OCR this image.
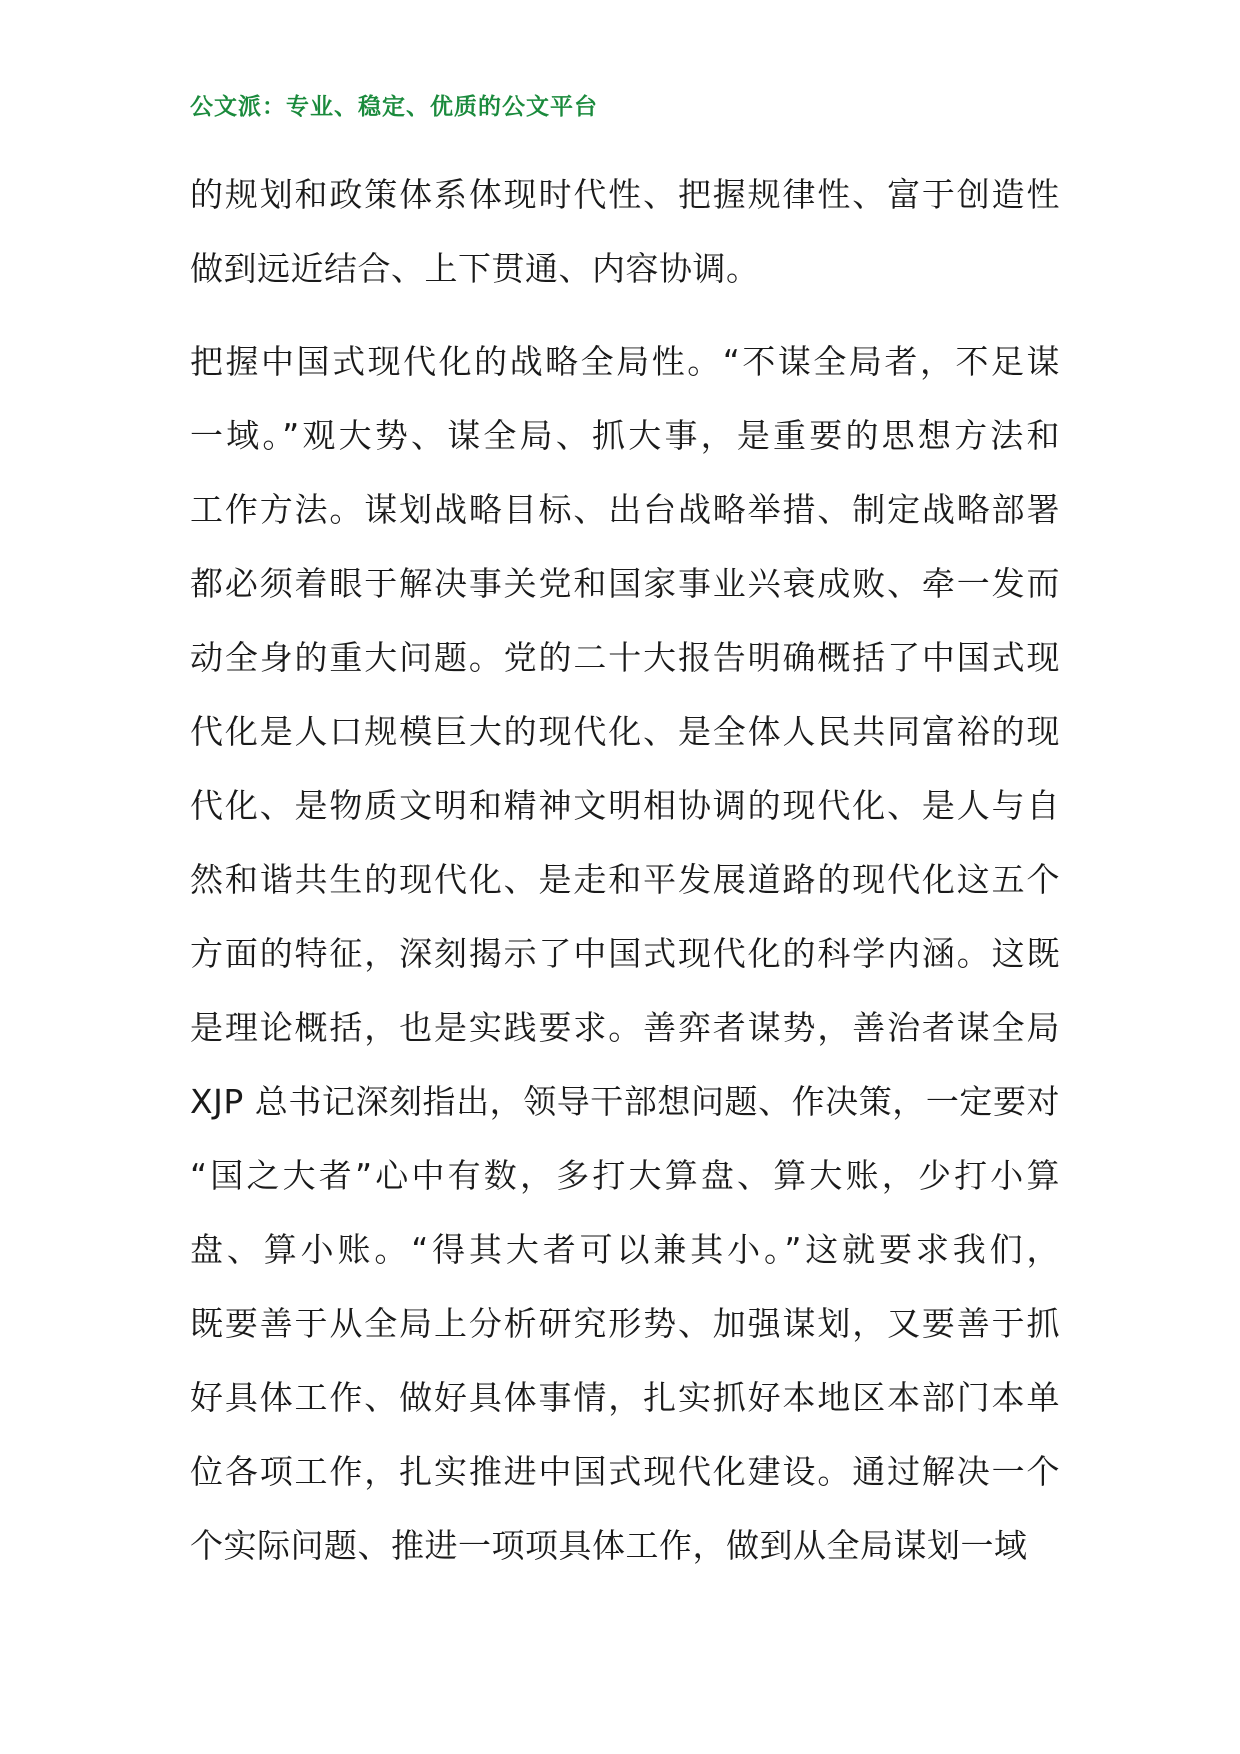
公文派：专业、稳定、优质的公文平台
的规划和政策体系体现时代性、把握规律性、富于创造性
做到远近结合、上下贯通、内容协调。
把握中国式现代化的战略全局性。“不谋全局者，不足谋
一域。”观大势、谋全局、抓大事，是重要的思想方法和
工作方法。谋划战略目标、出台战略举措、制定战略部署
都必须着眼于解决事关党和国家事业兴衰成败、牵一发而
动全身的重大问题。党的二十大报告明确概括了中国式现
代化是人口规模巨大的现代化、是全体人民共同富裕的现
代化、是物质文明和精神文明相协调的现代化、是人与自
然和谐共生的现代化、是走和平发展道路的现代化这五个
方面的特征，深刻揭示了中国式现代化的科学内涵。这既
是理论概括，也是实践要求。善弈者谋势，善治者谋全局
XJP 总书记深刻指出，领导干部想问题、作决策，一定要对
“国之大者”心中有数，多打大算盘、算大账，少打小算
盘、算小账。“得其大者可以兼其小。”这就要求我们，
既要善于从全局上分析研究形势、加强谋划，又要善于抓
好具体工作、做好具体事情，扎实抓好本地区本部门本单
位各项工作，扎实推进中国式现代化建设。通过解决一个
个实际问题、推进一项项具体工作，做到从全局谋划一域
